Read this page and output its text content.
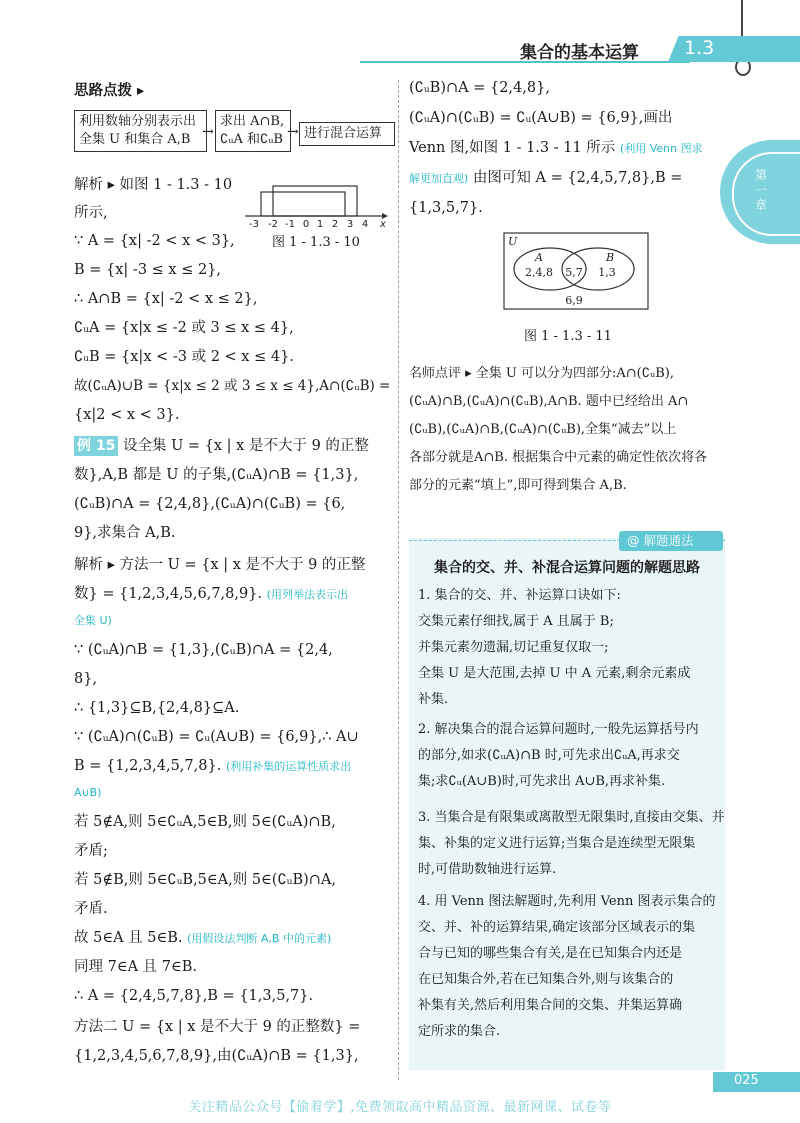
集合的基本运算 1.3
第一章
思路点拨 ▸
利用数轴分别表示出
全集 U 和集合 A,B →
求出 A∩B,
∁ᵤA 和∁ᵤB → 进行混合运算
解析 ▸ 如图 1 - 1.3 - 10
所示,
-3 -2 -1 0 1 2 3 4 x
图 1 - 1.3 - 10
∵ A = {x| -2 < x < 3},
B = {x| -3 ≤ x ≤ 2},
∴ A∩B = {x| -2 < x ≤ 2},
∁ᵤA = {x|x ≤ -2 或 3 ≤ x ≤ 4},
∁ᵤB = {x|x < -3 或 2 < x ≤ 4}.
故(∁ᵤA)∪B = {x|x ≤ 2 或 3 ≤ x ≤ 4},A∩(∁ᵤB) =
{x|2 < x < 3}.
例 15 设全集 U = {x | x 是不大于 9 的正整
数},A,B 都是 U 的子集,(∁ᵤA)∩B = {1,3},
(∁ᵤB)∩A = {2,4,8},(∁ᵤA)∩(∁ᵤB) = {6,
9},求集合 A,B.
解析 ▸ 方法一 U = {x | x 是不大于 9 的正整
数} = {1,2,3,4,5,6,7,8,9}. (用列举法表示出
全集 U)
∵ (∁ᵤA)∩B = {1,3},(∁ᵤB)∩A = {2,4,
8},
∴ {1,3}⊆B,{2,4,8}⊆A.
∵ (∁ᵤA)∩(∁ᵤB) = ∁ᵤ(A∪B) = {6,9},∴ A∪
B = {1,2,3,4,5,7,8}. (利用补集的运算性质求出
A∪B)
若 5∉A,则 5∈∁ᵤA,5∈B,则 5∈(∁ᵤA)∩B,
矛盾;
若 5∉B,则 5∈∁ᵤB,5∈A,则 5∈(∁ᵤB)∩A,
矛盾.
故 5∈A 且 5∈B. (用假设法判断 A,B 中的元素)
同理 7∈A 且 7∈B.
∴ A = {2,4,5,7,8},B = {1,3,5,7}.
方法二 U = {x | x 是不大于 9 的正整数} =
{1,2,3,4,5,6,7,8,9},由(∁ᵤA)∩B = {1,3},
(∁ᵤB)∩A = {2,4,8},
(∁ᵤA)∩(∁ᵤB) = ∁ᵤ(A∪B) = {6,9},画出
Venn 图,如图 1 - 1.3 - 11 所示 (利用 Venn 图求
解更加直观) 由图可知 A = {2,4,5,7,8},B =
{1,3,5,7}.
U
A	B
2,4,8 5,7 1,3
6,9
图 1 - 1.3 - 11
名师点评 ▸ 全集 U 可以分为四部分:A∩(∁ᵤB),
(∁ᵤA)∩B,(∁ᵤA)∩(∁ᵤB),A∩B. 题中已经给出 A∩
(∁ᵤB),(∁ᵤA)∩B,(∁ᵤA)∩(∁ᵤB),全集“减去”以上
各部分就是A∩B. 根据集合中元素的确定性依次将各
部分的元素“填上”,即可得到集合 A,B.
@ 解题通法
集合的交、并、补混合运算问题的解题思路
1. 集合的交、并、补运算口诀如下:
交集元素仔细找,属于 A 且属于 B;
并集元素勿遗漏,切记重复仅取一;
全集 U 是大范围,去掉 U 中 A 元素,剩余元素成
补集.
2. 解决集合的混合运算问题时,一般先运算括号内
的部分,如求(∁ᵤA)∩B 时,可先求出∁ᵤA,再求交
集;求∁ᵤ(A∪B)时,可先求出 A∪B,再求补集.
3. 当集合是有限集或离散型无限集时,直接由交集、并
集、补集的定义进行运算;当集合是连续型无限集
时,可借助数轴进行运算.
4. 用 Venn 图法解题时,先利用 Venn 图表示集合的
交、并、补的运算结果,确定该部分区域表示的集
合与已知的哪些集合有关,是在已知集合内还是
在已知集合外,若在已知集合外,则与该集合的
补集有关,然后利用集合间的交集、并集运算确
定所求的集合.
025
关注精品公众号【偷着学】,免费领取高中精品资源、最新网课、试卷等
